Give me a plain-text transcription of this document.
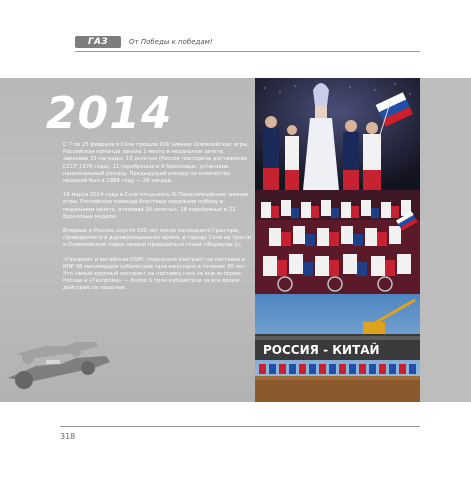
ГАЗ	От Победы к победам!
2014

С 7 по 23 февраля в Сочи прошли XXII зимние Олимпийские игры. Российская команда заняла 1 место в медальном зачете, завоевав 33 награды: 13 золотых (Россия повторила достижение СССР 1976 года), 11 серебряных и 9 бронзовых, установив национальный рекорд. Предыдущий рекорд по количеству медалей был в 1988 году — 29 наград.

16 марта 2014 года в Сочи открылись XI Паралимпийские зимние игры. Российская команда блестяще одержала победу в медальном зачете, отвоевав 30 золотых, 28 серебряных и 22 бронзовые медали.

Впервые в России, спустя 100 лет после последнего Гран-при, проведенного в дореволюционное время, в городе Сочи на трассе в Олимпийском парке начали проводиться гонки «Формулы-1».

«Газпром» и китайская CNPC подписали контракт на поставки в КНР 38 миллиардов кубометров газа ежегодно в течение 30 лет. Это самый крупный контракт на поставку газа за всю историю России и «Газпрома» — более 1 трлн кубометров за все время действия соглашения.

РОССИЯ - КИТАЙ
318
